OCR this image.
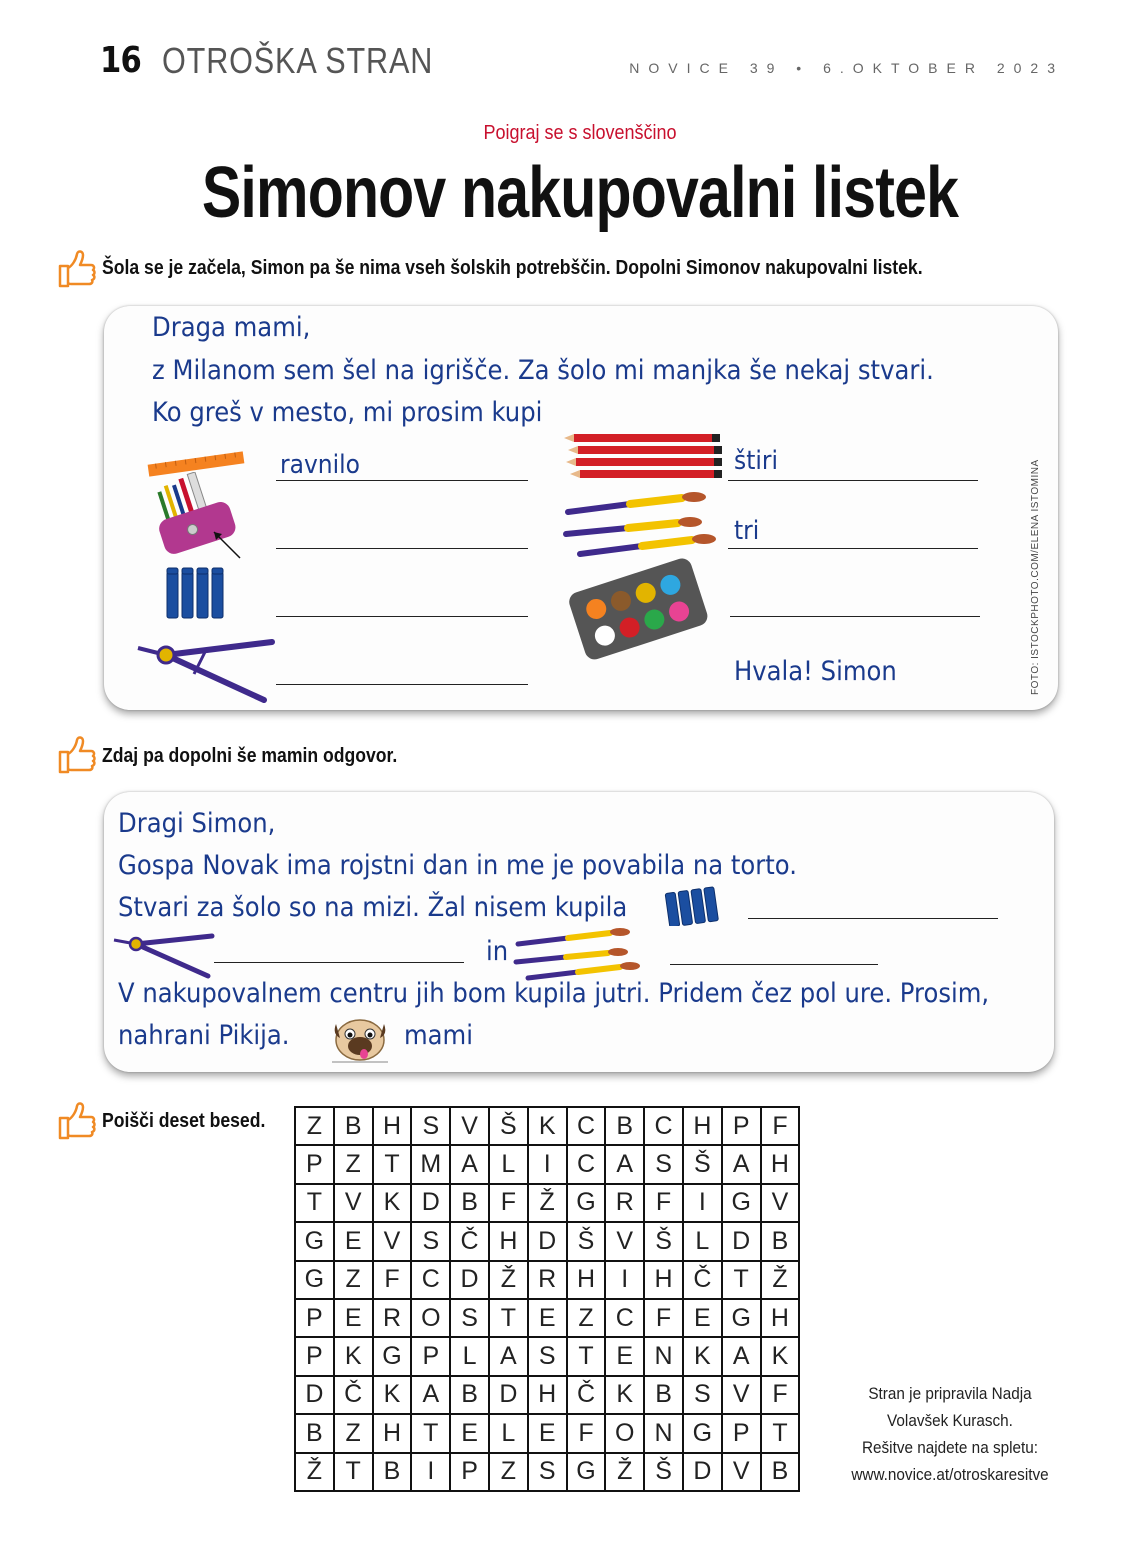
16 OTROŠKA STRAN	NOVICE 39 • 6.OKTOBER 2023
Poigraj se s slovenščino
Simonov nakupovalni listek
Šola se je začela, Simon pa še nima vseh šolskih potrebščin. Dopolni Simonov nakupovalni listek.
Draga mami,
z Milanom sem šel na igrišče. Za šolo mi manjka še nekaj stvari.
Ko greš v mesto, mi prosim kupi
ravnilo	štiri
tri
Hvala! Simon	FOTO: ISTOCKPHOTO.COM/ELENA ISTOMINA
Zdaj pa dopolni še mamin odgovor.
Dragi Simon,
Gospa Novak ima rojstni dan in me je povabila na torto.
Stvari za šolo so na mizi. Žal nisem kupila
in
V nakupovalnem centru jih bom kupila jutri. Pridem čez pol ure. Prosim,
nahrani Pikija.	mami
Poišči deset besed. Z	B	H	S	V	Š	K	C	B	C	H	P	F
P	Z	T	M	A	L	I	C	A	S	Š	A	H
T	V	K	D	B	F	Ž	G	R	F	I	G	V
G	E	V	S	Č	H	D	Š	V	Š	L	D	B
G	Z	F	C	D	Ž	R	H	I	H	Č	T	Ž
P	E	R	O	S	T	E	Z	C	F	E	G	H
P	K	G	P	L	A	S	T	E	N	K	A	K
D	Č	K	A	B	D	H	Č	K	B	S	V	F
B	Z	H	T	E	L	E	F	O	N	G	P	T
Ž	T	B	I	P	Z	S	G	Ž	Š	D	V	B
Stran je pripravila Nadja
Volavšek Kurasch.
Rešitve najdete na spletu:
www.novice.at/otroskaresitve
